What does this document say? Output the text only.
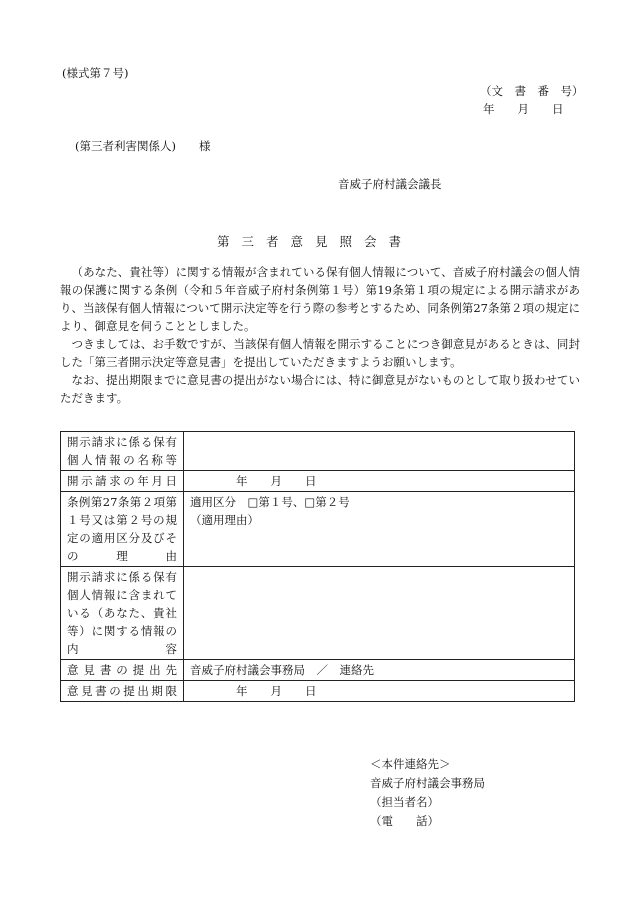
(様式第７号)
（文　書　番　号）
年　　月　　日
(第三者利害関係人)　　様
音威子府村議会議長
第三者意見照会書

（あなた、貴社等）に関する情報が含まれている保有個人情報について、音威子府村議会の個人情報の保護に関する条例（令和５年音威子府村条例第１号）第19条第１項の規定による開示請求があり、当該保有個人情報について開示決定等を行う際の参考とするため、同条例第27条第２項の規定により、御意見を伺うこととしました。

つきましては、お手数ですが、当該保有個人情報を開示することにつき御意見があるときは、同封した「第三者開示決定等意見書」を提出していただきますようお願いします。

なお、提出期限までに意見書の提出がない場合には、特に御意見がないものとして取り扱わせていただきます。

開示請求に係る保有個人情報の名称等	
開示請求の年月日	年　　月　　日
条例第27条第２項第１号又は第２号の規定の適用区分及びその理由	適用区分　□第１号、□第２号
（適用理由）

開示請求に係る保有個人情報に含まれている（あなた、貴社等）に関する情報の内容	
意見書の提出先	音威子府村議会事務局　／　連絡先
意見書の提出期限	年　　月　　日
＜本件連絡先＞
音威子府村議会事務局
（担当者名）
（電　　話）
